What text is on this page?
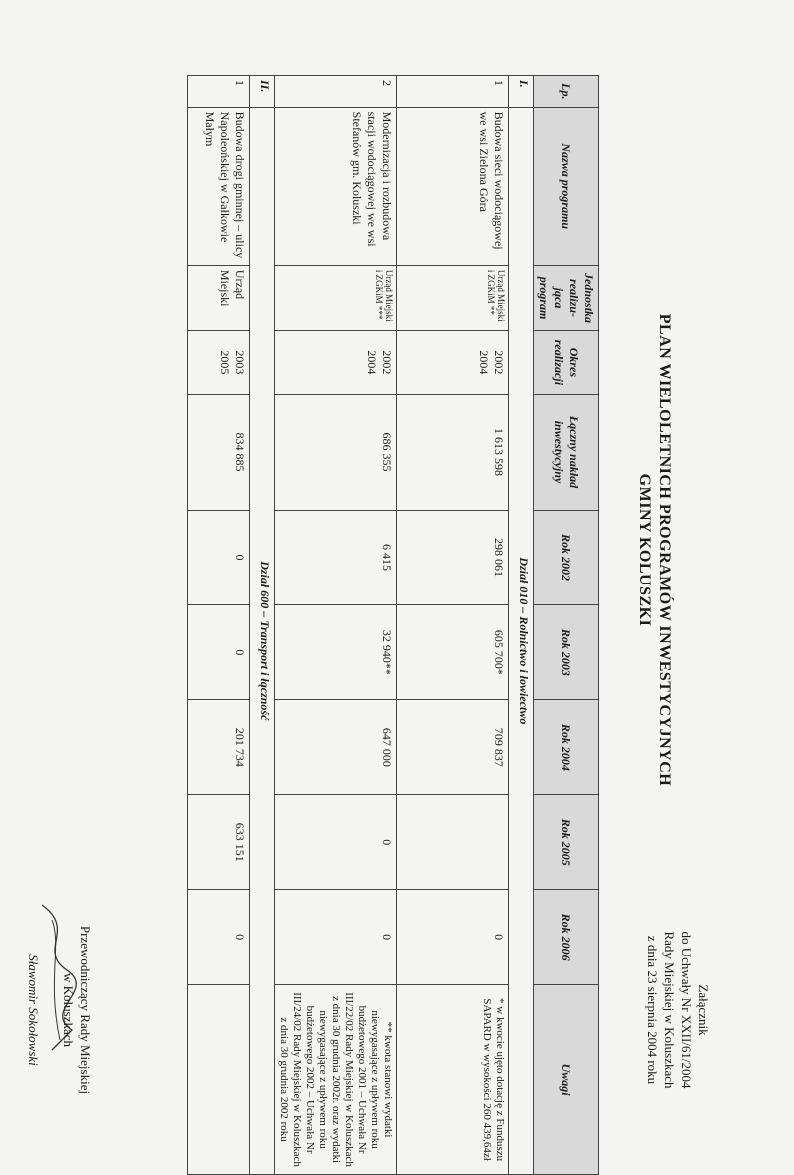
Załącznik
do Uchwały Nr XXII/61/2004
Rady Miejskiej w Koluszkach
z dnia 23 sierpnia 2004 roku
PLAN WIELOLETNICH PROGRAMÓW INWESTYCYJNYCH
GMINY KOLUSZKI
Lp.	Nazwa programu	Jednostka realizu-jąca program	Okres realizacji	Łączny nakład inwestycyjny	Rok 2002	Rok 2003	Rok 2004	Rok 2005	Rok 2006	Uwagi
I.	Dział 010 – Rolnictwo i łowiectwo									
1	Budowa sieci wodociągowej we wsi Zielona Góra	Urząd Miejski i ZGKiM **	2002
2004	1 613 598	298 061	605 700*	709 837		0	* w kwocie ujęto dotację z Funduszu SAPARD w wysokości 260 439,64zł
2	Modernizacja i rozbudowa stacji wodociągowej we wsi Stefanów gm. Koluszki	Urząd Miejski i ZGKiM ***	2002
2004	686 355	6 415	32 940**	647 000	0	0	** kwota stanowi wydatki niewygasające z upływem roku budżetowego 2001 – Uchwała Nr III/22/02 Rady Miejskiej w Koluszkach z dnia 30 grudnia 2002r. oraz wydatki niewygasające z upływem roku budżetowego 2002 – Uchwała Nr III/24/02 Rady Miejskiej w Koluszkach z dnia 30 grudnia 2002 roku
II.	Dział 600 – Transport i łączność									
1	Budowa drogi gminnej – ulicy Napoleońskiej w Gałkowie Małym	Urząd Miejski	2003
2005	834 885	0	0	201 734	633 151	0	
Przewodniczący Rady Miejskiej
w Koluszkach
Sławomir Sokołowski
